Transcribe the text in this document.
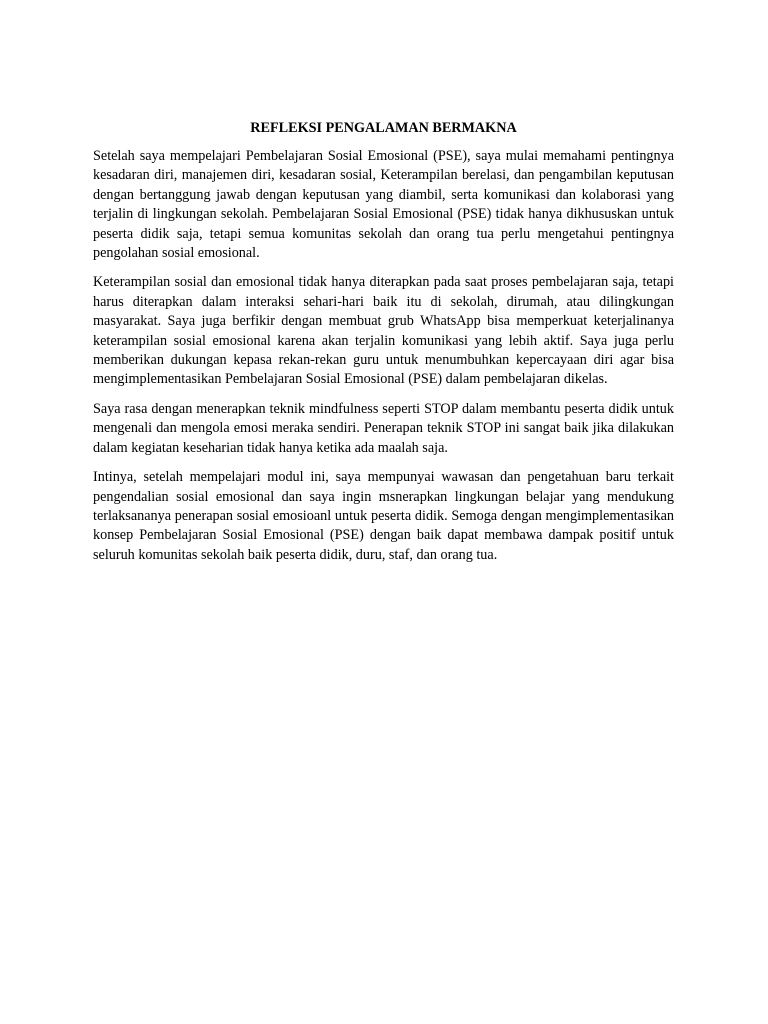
REFLEKSI PENGALAMAN BERMAKNA

Setelah saya mempelajari Pembelajaran Sosial Emosional (PSE), saya mulai memahami pentingnya kesadaran diri, manajemen diri, kesadaran sosial, Keterampilan berelasi, dan pengambilan keputusan dengan bertanggung jawab dengan keputusan yang diambil, serta komunikasi dan kolaborasi yang terjalin di lingkungan sekolah. Pembelajaran Sosial Emosional (PSE) tidak hanya dikhususkan untuk peserta didik saja, tetapi semua komunitas sekolah dan orang tua perlu mengetahui pentingnya pengolahan sosial emosional.

Keterampilan sosial dan emosional tidak hanya diterapkan pada saat proses pembelajaran saja, tetapi harus diterapkan dalam interaksi sehari-hari baik itu di sekolah, dirumah, atau dilingkungan masyarakat. Saya juga berfikir dengan membuat grub WhatsApp bisa memperkuat keterjalinanya keterampilan sosial emosional karena akan terjalin komunikasi yang lebih aktif. Saya juga perlu memberikan dukungan kepasa rekan-rekan guru untuk menumbuhkan kepercayaan diri agar bisa mengimplementasikan Pembelajaran Sosial Emosional (PSE) dalam pembelajaran dikelas.

Saya rasa dengan menerapkan teknik mindfulness seperti STOP dalam membantu peserta didik untuk mengenali dan mengola emosi meraka sendiri. Penerapan teknik STOP ini sangat baik jika dilakukan dalam kegiatan keseharian tidak hanya ketika ada maalah saja.

Intinya, setelah mempelajari modul ini, saya mempunyai wawasan dan pengetahuan baru terkait pengendalian sosial emosional dan saya ingin msnerapkan lingkungan belajar yang mendukung terlaksananya penerapan sosial emosioanl untuk peserta didik. Semoga dengan mengimplementasikan konsep Pembelajaran Sosial Emosional (PSE) dengan baik dapat membawa dampak positif untuk seluruh komunitas sekolah baik peserta didik, duru, staf, dan orang tua.
